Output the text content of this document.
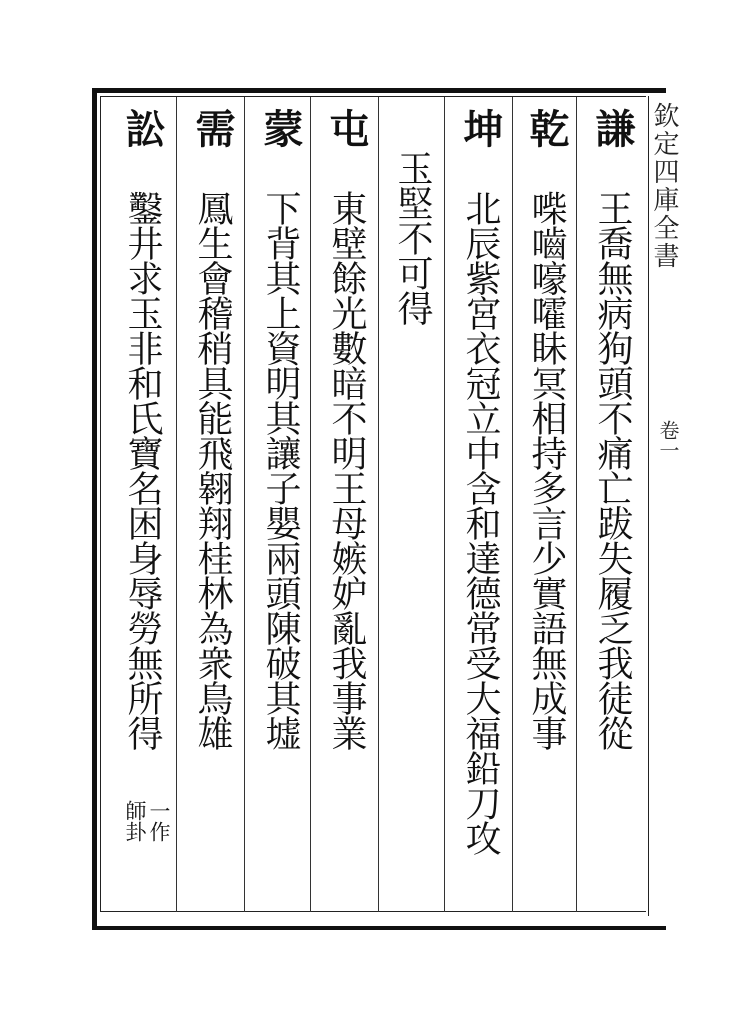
欽定四庫全書
卷一
謙
王喬無病狗頭不痛亡跋失履乏我徒從
乾
喍嚙嚎嚯眛冥相持多言少實語無成事
坤
北辰紫宮衣冠立中含和達德常受大福鉛刀攻
玉堅不可得
屯
東壁餘光數暗不明王母嫉妒亂我事業
蒙
下背其上資明其讓子嬰兩頭陳破其墟
需
鳳生會稽稍具能飛翱翔桂林為衆鳥雄
訟
鑿井求玉非和氏寶名困身辱勞無所得
一作
師卦
